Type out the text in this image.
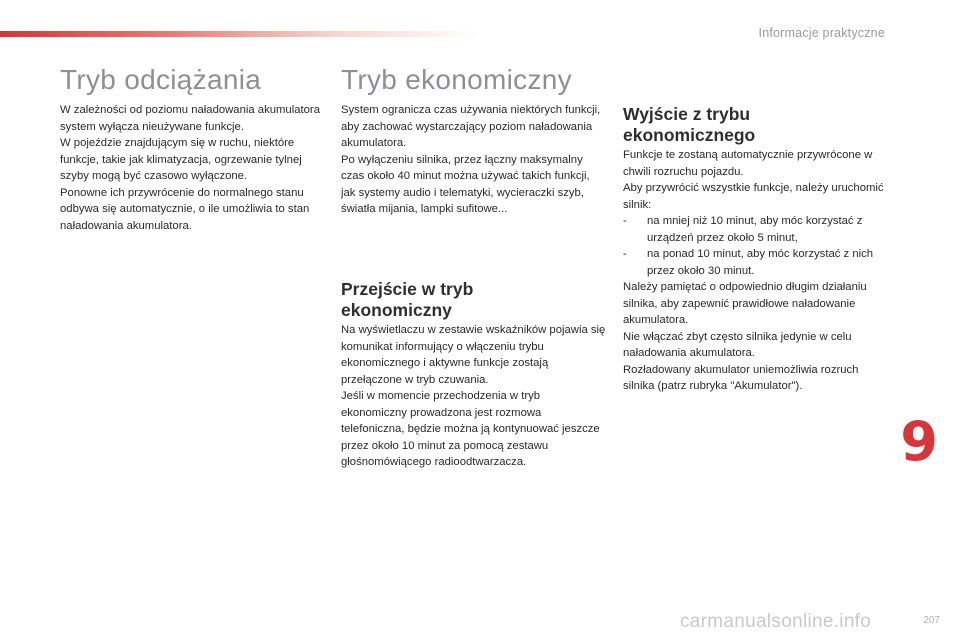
Informacje praktyczne
Tryb odciążania
W zależności od poziomu naładowania akumulatora system wyłącza nieużywane funkcje.
W pojeździe znajdującym się w ruchu, niektóre funkcje, takie jak klimatyzacja, ogrzewanie tylnej szyby mogą być czasowo wyłączone.
Ponowne ich przywrócenie do normalnego stanu odbywa się automatycznie, o ile umożliwia to stan naładowania akumulatora.
Tryb ekonomiczny
System ogranicza czas używania niektórych funkcji, aby zachować wystarczający poziom naładowania akumulatora.
Po wyłączeniu silnika, przez łączny maksymalny czas około 40 minut można używać takich funkcji, jak systemy audio i telematyki, wycieraczki szyb, światła mijania, lampki sufitowe...
Przejście w tryb ekonomiczny
Na wyświetlaczu w zestawie wskaźników pojawia się komunikat informujący o włączeniu trybu ekonomicznego i aktywne funkcje zostają przełączone w tryb czuwania.
Jeśli w momencie przechodzenia w tryb ekonomiczny prowadzona jest rozmowa telefoniczna, będzie można ją kontynuować jeszcze przez około 10 minut za pomocą zestawu głośnomówiącego radioodtwarzacza.
Wyjście z trybu ekonomicznego
Funkcje te zostaną automatycznie przywrócone w chwili rozruchu pojazdu.
Aby przywrócić wszystkie funkcje, należy uruchomić silnik:
-	na mniej niż 10 minut, aby móc korzystać z urządzeń przez około 5 minut,
-	na ponad 10 minut, aby móc korzystać z nich przez około 30 minut.
Należy pamiętać o odpowiednio długim działaniu silnika, aby zapewnić prawidłowe naładowanie akumulatora.
Nie włączać zbyt często silnika jedynie w celu naładowania akumulatora.
Rozładowany akumulator uniemożliwia rozruch silnika (patrz rubryka "Akumulator").
9
207
carmanualsonline.info
